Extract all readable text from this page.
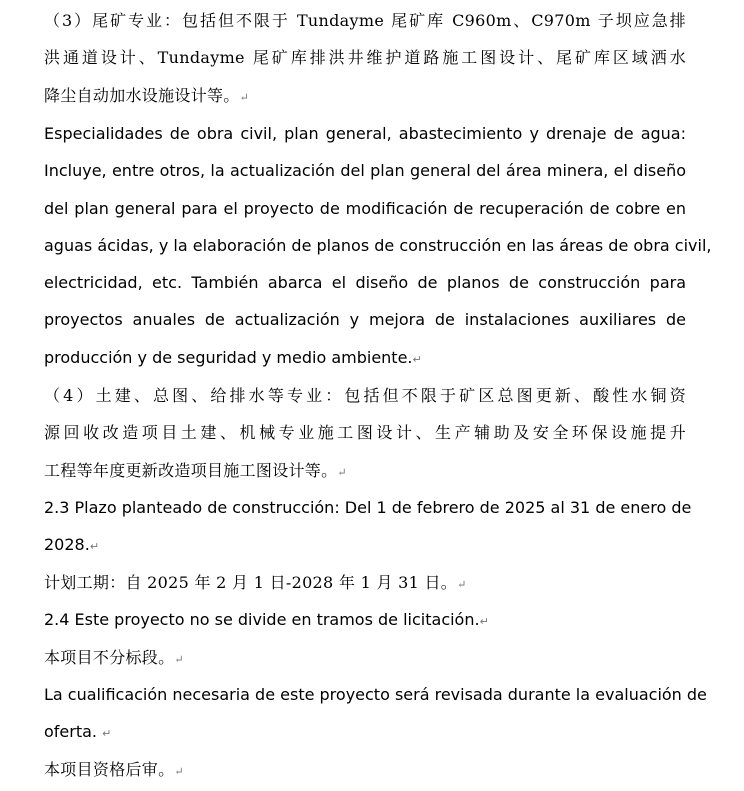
（3）尾矿专业：包括但不限于 Tundayme 尾矿库 C960m、C970m 子坝应急排
洪通道设计、Tundayme 尾矿库排洪井维护道路施工图设计、尾矿库区域洒水
降尘自动加水设施设计等。↵
Especialidades de obra civil, plan general, abastecimiento y drenaje de agua:
Incluye, entre otros, la actualización del plan general del área minera, el diseño
del plan general para el proyecto de modificación de recuperación de cobre en
aguas ácidas, y la elaboración de planos de construcción en las áreas de obra civil,
electricidad, etc. También abarca el diseño de planos de construcción para
proyectos anuales de actualización y mejora de instalaciones auxiliares de
producción y de seguridad y medio ambiente.↵
（4）土建、总图、给排水等专业：包括但不限于矿区总图更新、酸性水铜资
源回收改造项目土建、机械专业施工图设计、生产辅助及安全环保设施提升
工程等年度更新改造项目施工图设计等。↵
2.3 Plazo planteado de construcción: Del 1 de febrero de 2025 al 31 de enero de
2028.↵
计划工期：自 2025 年 2 月 1 日-2028 年 1 月 31 日。↵
2.4 Este proyecto no se divide en tramos de licitación.↵
本项目不分标段。↵
La cualificación necesaria de este proyecto será revisada durante la evaluación de
oferta. ↵
本项目资格后审。↵
